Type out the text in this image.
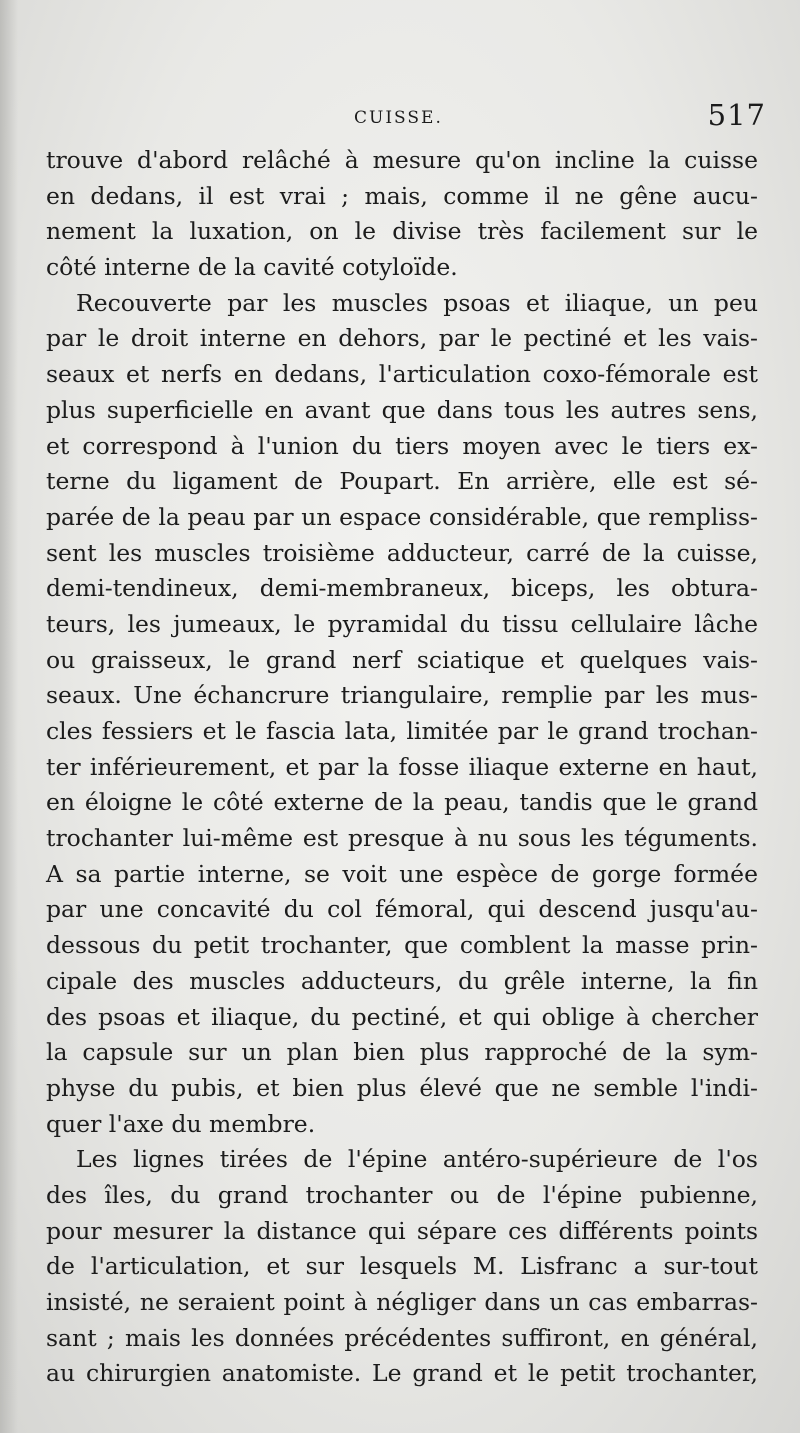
CUISSE.	517
trouve d'abord relâché à mesure qu'on incline la cuisse
en dedans, il est vrai ; mais, comme il ne gêne aucu-
nement la luxation, on le divise très facilement sur le
côté interne de la cavité cotyloïde.
Recouverte par les muscles psoas et iliaque, un peu
par le droit interne en dehors, par le pectiné et les vais-
seaux et nerfs en dedans, l'articulation coxo-fémorale est
plus superficielle en avant que dans tous les autres sens,
et correspond à l'union du tiers moyen avec le tiers ex-
terne du ligament de Poupart. En arrière, elle est sé-
parée de la peau par un espace considérable, que rempliss-
sent les muscles troisième adducteur, carré de la cuisse,
demi-tendineux, demi-membraneux, biceps, les obtura-
teurs, les jumeaux, le pyramidal du tissu cellulaire lâche
ou graisseux, le grand nerf sciatique et quelques vais-
seaux. Une échancrure triangulaire, remplie par les mus-
cles fessiers et le fascia lata, limitée par le grand trochan-
ter inférieurement, et par la fosse iliaque externe en haut,
en éloigne le côté externe de la peau, tandis que le grand
trochanter lui-même est presque à nu sous les téguments.
A sa partie interne, se voit une espèce de gorge formée
par une concavité du col fémoral, qui descend jusqu'au-
dessous du petit trochanter, que comblent la masse prin-
cipale des muscles adducteurs, du grêle interne, la fin
des psoas et iliaque, du pectiné, et qui oblige à chercher
la capsule sur un plan bien plus rapproché de la sym-
physe du pubis, et bien plus élevé que ne semble l'indi-
quer l'axe du membre.
Les lignes tirées de l'épine antéro-supérieure de l'os
des îles, du grand trochanter ou de l'épine pubienne,
pour mesurer la distance qui sépare ces différents points
de l'articulation, et sur lesquels M. Lisfranc a sur-tout
insisté, ne seraient point à négliger dans un cas embarras-
sant ; mais les données précédentes suffiront, en général,
au chirurgien anatomiste. Le grand et le petit trochanter,
